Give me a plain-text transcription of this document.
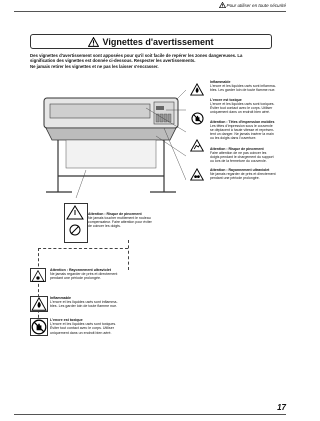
Pour utiliser en toute sécurité
Vignettes d'avertissement
Des vignettes d'avertissement sont apposées pour qu'il soit facile de repérer les zones dangereuses. La
signification des vignettes est donnée ci-dessous. Respecter les avertissements.
Ne jamais retirer les vignettes et ne pas les laisser s'encrasser.
Inflammable
L'encre et les liquides usés sont inflamma-
bles. Les garder loin de toute flamme nue.
L'encre est toxique
L'encre et les liquides usés sont toxiques.
Éviter tout contact avec le corps. Utiliser
uniquement dans un endroit bien aéré.
Attention : Têtes d'impression mobiles
Les têtes d'impression sous le couvercle
se déplacent à haute vitesse et représen-
tent un danger. Ne jamais insérer la main
ou les doigts dans l'ouverture.
Attention : Risque de pincement
Faire attention de ne pas coincer les
doigts pendant le chargement du support
ou lors de la fermeture du couvercle.
Attention : Rayonnement ultraviolet
Ne jamais regarder de près et directement
pendant une période prolongée.
Attention : Risque de pincement
Ne jamais toucher mutilement le rouleau
compensateur. Faire attention pour éviter
de coincer les doigts.
Attention : Rayonnement ultraviolet
Ne jamais regarder de près et directement
pendant une période prolongée.
Inflammable
L'encre et les liquides usés sont inflamma-
bles. Les garder loin de toute flamme nue.
L'encre est toxique
L'encre et les liquides usés sont toxiques.
Éviter tout contact avec le corps. Utiliser
uniquement dans un endroit bien aéré.
17
